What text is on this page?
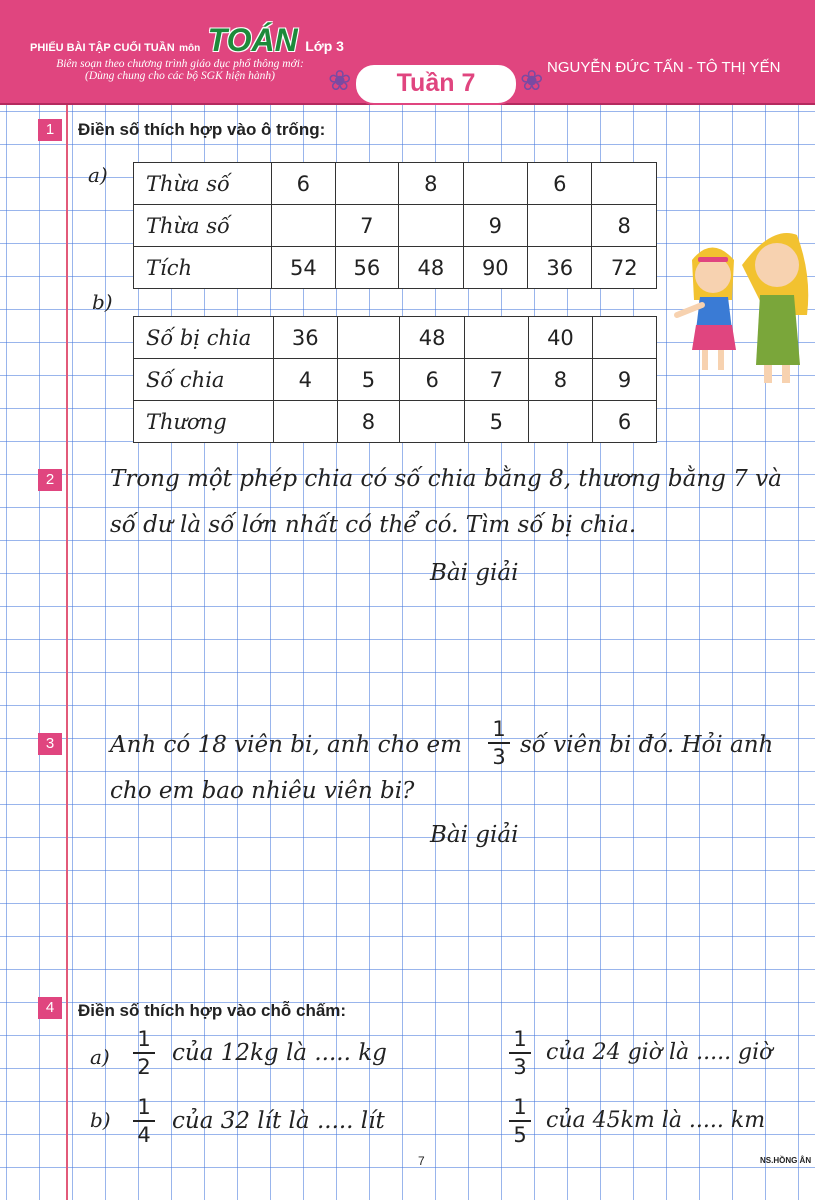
PHIẾU BÀI TẬP CUỐI TUẦN môn TOÁN Lớp 3
Biên soạn theo chương trình giáo dục phổ thông mới:
(Dùng chung cho các bộ SGK hiện hành)	❀	Tuần 7	❀ NGUYỄN ĐỨC TẤN - TÔ THỊ YẾN
1	Điền số thích hợp vào ô trống:
a) Thừa số	6		8		6	
Thừa số		7		9		8
Tích	54	56	48	90	36	72
b)
Số bị chia	36		48		40	
Số chia	4	5	6	7	8	9
Thương		8		5		6
2	Trong một phép chia có số chia bằng 8, thương bằng 7 và
số dư là số lớn nhất có thể có. Tìm số bị chia.
Bài giải
3	Anh có 18 viên bi, anh cho em
1
3 số viên bi đó. Hỏi anh
cho em bao nhiêu viên bi?
Bài giải
4	Điền số thích hợp vào chỗ chấm:
a)
1
2
của 12kg là ..... kg
1
3
của 24 giờ là ..... giờ
b)
1
4
của 32 lít là ..... lít
1
5
của 45km là ..... km
7	NS.HỒNG ÂN
